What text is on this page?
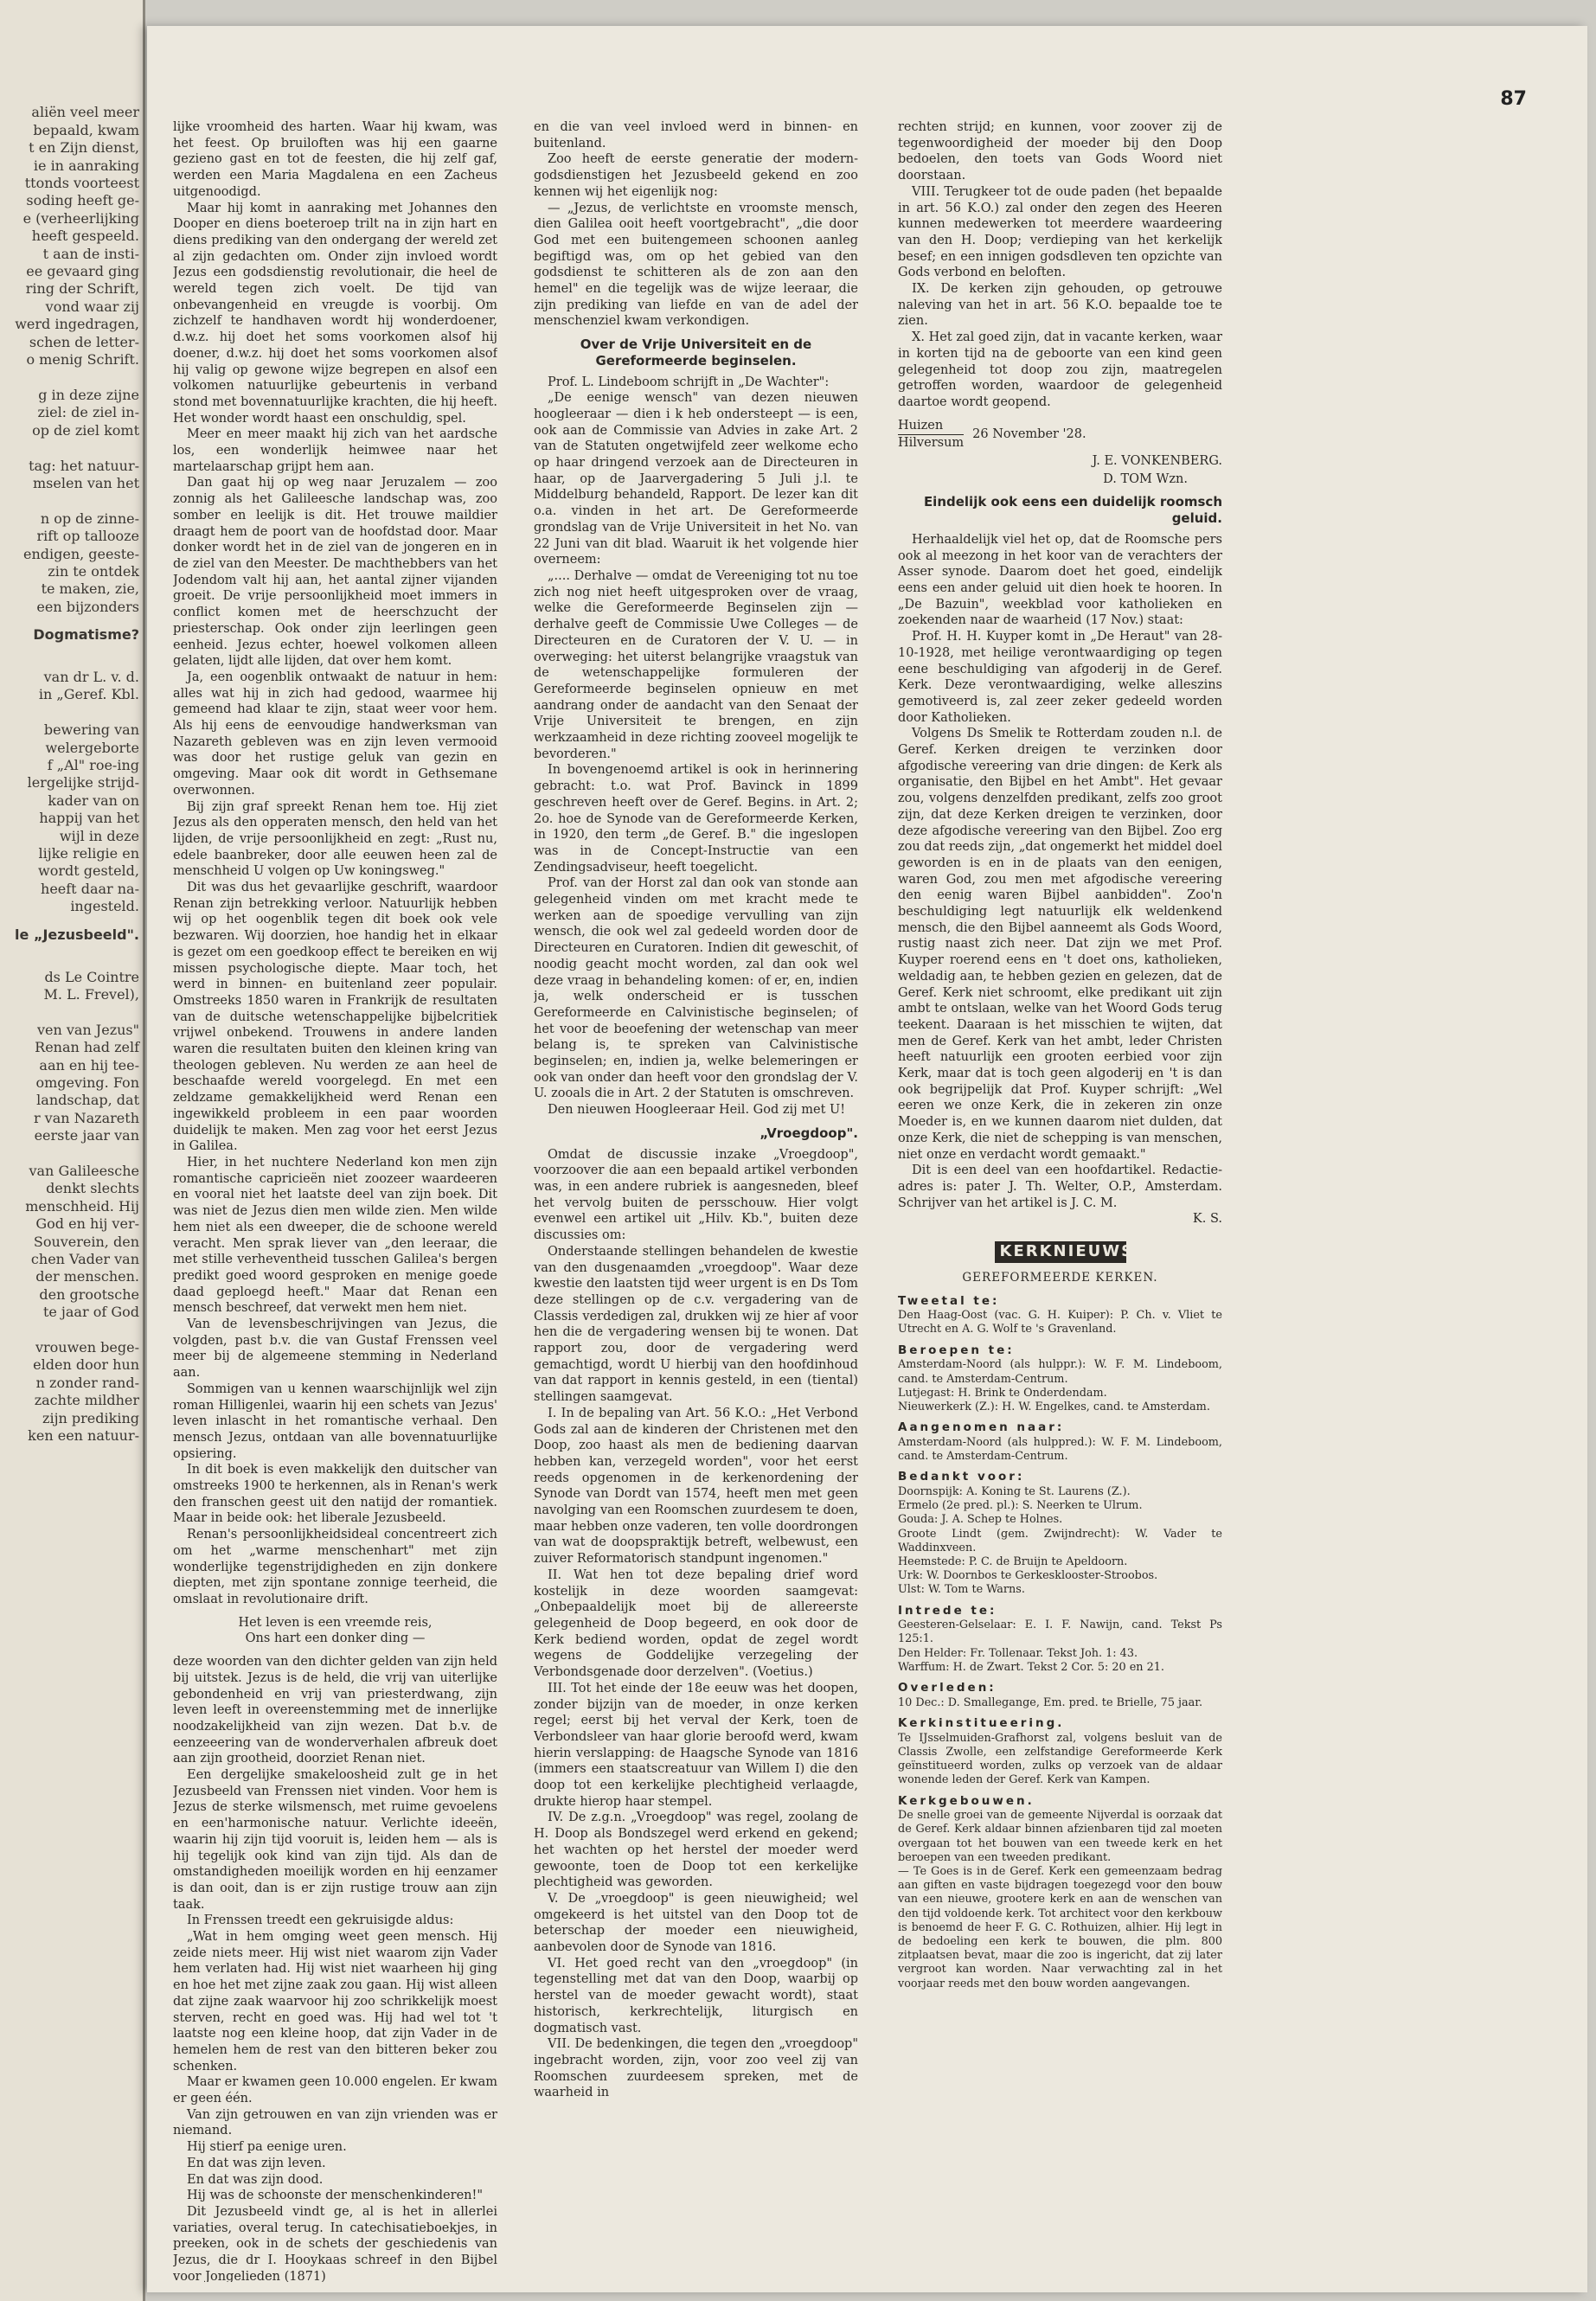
aliën veel meer
bepaald, kwam
t en Zijn dienst,
ie in aanraking
ttonds voorteest
soding heeft ge-
e (verheerlijking
heeft gespeeld.
t aan de insti-
ee gevaard ging
ring der Schrift,
vond waar zij
werd ingedragen,
schen de letter-
o menig Schrift.

g in deze zijne
ziel: de ziel in-
op de ziel komt

tag: het natuur-
mselen van het

n op de zinne-
rift op tallooze
endigen, geeste-
zin te ontdek
te maken, zie,
een bijzonders

Dogmatisme?

van dr L. v. d.
in „Geref. Kbl.

bewering van
welergeborte
f „Al" roe-ing
lergelijke strijd-
kader van on
happij van het
wijl in deze
lijke religie en
wordt gesteld,
heeft daar na-
ingesteld.

le „Jezusbeeld".

ds Le Cointre
M. L. Frevel),

ven van Jezus"
Renan had zelf
aan en hij tee-
omgeving. Fon
landschap, dat
r van Nazareth
eerste jaar van

van Galileesche
denkt slechts
menschheid. Hij
God en hij ver-
Souverein, den
chen Vader van
der menschen.
den grootsche
te jaar of God

vrouwen bege-
elden door hun
n zonder rand-
zachte mildher
zijn prediking
ken een natuur-

87

lijke vroomheid des harten. Waar hij kwam, was het feest. Op bruiloften was hij een gaarne gezieno gast en tot de feesten, die hij zelf gaf, werden een Maria Magdalena en een Zacheus uitgenoodigd.

Maar hij komt in aanraking met Johannes den Dooper en diens boeteroep trilt na in zijn hart en diens prediking van den ondergang der wereld zet al zijn gedachten om. Onder zijn invloed wordt Jezus een godsdienstig revolutionair, die heel de wereld tegen zich voelt. De tijd van onbevangenheid en vreugde is voorbij. Om zichzelf te handhaven wordt hij wonderdoener, d.w.z. hij doet het soms voorkomen alsof hij doener, d.w.z. hij doet het soms voorkomen alsof hij valig op gewone wijze begrepen en alsof een volkomen natuurlijke gebeurtenis in verband stond met bovennatuurlijke krachten, die hij heeft. Het wonder wordt haast een onschuldig, spel.

Meer en meer maakt hij zich van het aardsche los, een wonderlijk heimwee naar het martelaarschap grijpt hem aan.

Dan gaat hij op weg naar Jeruzalem — zoo zonnig als het Galileesche landschap was, zoo somber en leelijk is dit. Het trouwe maildier draagt hem de poort van de hoofdstad door. Maar donker wordt het in de ziel van de jongeren en in de ziel van den Meester. De machthebbers van het Jodendom valt hij aan, het aantal zijner vijanden groeit. De vrije persoonlijkheid moet immers in conflict komen met de heerschzucht der priesterschap. Ook onder zijn leerlingen geen eenheid. Jezus echter, hoewel volkomen alleen gelaten, lijdt alle lijden, dat over hem komt.

Ja, een oogenblik ontwaakt de natuur in hem: alles wat hij in zich had gedood, waarmee hij gemeend had klaar te zijn, staat weer voor hem. Als hij eens de eenvoudige handwerksman van Nazareth gebleven was en zijn leven vermooid was door het rustige geluk van gezin en omgeving. Maar ook dit wordt in Gethsemane overwonnen.

Bij zijn graf spreekt Renan hem toe. Hij ziet Jezus als den opperaten mensch, den held van het lijden, de vrije persoonlijkheid en zegt: „Rust nu, edele baanbreker, door alle eeuwen heen zal de menschheid U volgen op Uw koningsweg."

Dit was dus het gevaarlijke geschrift, waardoor Renan zijn betrekking verloor. Natuurlijk hebben wij op het oogenblik tegen dit boek ook vele bezwaren. Wij doorzien, hoe handig het in elkaar is gezet om een goedkoop effect te bereiken en wij missen psychologische diepte. Maar toch, het werd in binnen- en buitenland zeer populair. Omstreeks 1850 waren in Frankrijk de resultaten van de duitsche wetenschappelijke bijbelcritiek vrijwel onbekend. Trouwens in andere landen waren die resultaten buiten den kleinen kring van theologen gebleven. Nu werden ze aan heel de beschaafde wereld voorgelegd. En met een zeldzame gemakkelijkheid werd Renan een ingewikkeld probleem in een paar woorden duidelijk te maken. Men zag voor het eerst Jezus in Galilea.

Hier, in het nuchtere Nederland kon men zijn romantische capricieën niet zoozeer waardeeren en vooral niet het laatste deel van zijn boek. Dit was niet de Jezus dien men wilde zien. Men wilde hem niet als een dweeper, die de schoone wereld veracht. Men sprak liever van „den leeraar, die met stille verheventheid tusschen Galilea's bergen predikt goed woord gesproken en menige goede daad geploegd heeft." Maar dat Renan een mensch beschreef, dat verwekt men hem niet.

Van de levensbeschrijvingen van Jezus, die volgden, past b.v. die van Gustaf Frenssen veel meer bij de algemeene stemming in Nederland aan.

Sommigen van u kennen waarschijnlijk wel zijn roman Hilligenlei, waarin hij een schets van Jezus' leven inlascht in het romantische verhaal. Den mensch Jezus, ontdaan van alle bovennatuurlijke opsiering.

In dit boek is even makkelijk den duitscher van omstreeks 1900 te herkennen, als in Renan's werk den franschen geest uit den natijd der romantiek. Maar in beide ook: het liberale Jezusbeeld.

Renan's persoonlijkheidsideal concentreert zich om het „warme menschenhart" met zijn wonderlijke tegenstrijdigheden en zijn donkere diepten, met zijn spontane zonnige teerheid, die omslaat in revolutionaire drift.

Het leven is een vreemde reis,

Ons hart een donker ding —

deze woorden van den dichter gelden van zijn held bij uitstek. Jezus is de held, die vrij van uiterlijke gebondenheid en vrij van priesterdwang, zijn leven leeft in overeenstemming met de innerlijke noodzakelijkheid van zijn wezen. Dat b.v. de eenzeeering van de wonderverhalen afbreuk doet aan zijn grootheid, doorziet Renan niet.

Een dergelijke smakeloosheid zult ge in het Jezusbeeld van Frenssen niet vinden. Voor hem is Jezus de sterke wilsmensch, met ruime gevoelens en een'harmonische natuur. Verlichte ideeën, waarin hij zijn tijd vooruit is, leiden hem — als is hij tegelijk ook kind van zijn tijd. Als dan de omstandigheden moeilijk worden en hij eenzamer is dan ooit, dan is er zijn rustige trouw aan zijn taak.

In Frenssen treedt een gekruisigde aldus:

„Wat in hem omging weet geen mensch. Hij zeide niets meer. Hij wist niet waarom zijn Vader hem verlaten had. Hij wist niet waarheen hij ging en hoe het met zijne zaak zou gaan. Hij wist alleen dat zijne zaak waarvoor hij zoo schrikkelijk moest sterven, recht en goed was. Hij had wel tot 't laatste nog een kleine hoop, dat zijn Vader in de hemelen hem de rest van den bitteren beker zou schenken.

Maar er kwamen geen 10.000 engelen. Er kwam er geen één.

Van zijn getrouwen en van zijn vrienden was er niemand.

Hij stierf pa eenige uren.

En dat was zijn leven.

En dat was zijn dood.

Hij was de schoonste der menschenkinderen!"

Dit Jezusbeeld vindt ge, al is het in allerlei variaties, overal terug. In catechisatieboekjes, in preeken, ook in de schets der geschiedenis van Jezus, die dr I. Hooykaas schreef in den Bijbel voor Jongelieden (1871)

en die van veel invloed werd in binnen- en buitenland.

Zoo heeft de eerste generatie der modern-godsdienstigen het Jezusbeeld gekend en zoo kennen wij het eigenlijk nog:

— „Jezus, de verlichtste en vroomste mensch, dien Galilea ooit heeft voortgebracht", „die door God met een buitengemeen schoonen aanleg begiftigd was, om op het gebied van den godsdienst te schitteren als de zon aan den hemel" en die tegelijk was de wijze leeraar, die zijn prediking van liefde en van de adel der menschenziel kwam verkondigen.

Over de Vrije Universiteit en de Gereformeerde beginselen.

Prof. L. Lindeboom schrijft in „De Wachter":

„De eenige wensch" van dezen nieuwen hoogleeraar — dien i k heb ondersteept — is een, ook aan de Commissie van Advies in zake Art. 2 van de Statuten ongetwijfeld zeer welkome echo op haar dringend verzoek aan de Directeuren in haar, op de Jaarvergadering 5 Juli j.l. te Middelburg behandeld, Rapport. De lezer kan dit o.a. vinden in het art. De Gereformeerde grondslag van de Vrije Universiteit in het No. van 22 Juni van dit blad. Waaruit ik het volgende hier overneem:

„.... Derhalve — omdat de Vereeniging tot nu toe zich nog niet heeft uitgesproken over de vraag, welke die Gereformeerde Beginselen zijn — derhalve geeft de Commissie Uwe Colleges — de Directeuren en de Curatoren der V. U. — in overweging: het uiterst belangrijke vraagstuk van de wetenschappelijke formuleren der Gereformeerde beginselen opnieuw en met aandrang onder de aandacht van den Senaat der Vrije Universiteit te brengen, en zijn werkzaamheid in deze richting zooveel mogelijk te bevorderen."

In bovengenoemd artikel is ook in herinnering gebracht: t.o. wat Prof. Bavinck in 1899 geschreven heeft over de Geref. Begins. in Art. 2; 2o. hoe de Synode van de Gereformeerde Kerken, in 1920, den term „de Geref. B." die ingeslopen was in de Concept-Instructie van een Zendingsadviseur, heeft toegelicht.

Prof. van der Horst zal dan ook van stonde aan gelegenheid vinden om met kracht mede te werken aan de spoedige vervulling van zijn wensch, die ook wel zal gedeeld worden door de Directeuren en Curatoren. Indien dit geweschit, of noodig geacht mocht worden, zal dan ook wel deze vraag in behandeling komen: of er, en, indien ja, welk onderscheid er is tusschen Gereformeerde en Calvinistische beginselen; of het voor de beoefening der wetenschap van meer belang is, te spreken van Calvinistische beginselen; en, indien ja, welke belemeringen er ook van onder dan heeft voor den grondslag der V. U. zooals die in Art. 2 der Statuten is omschreven.

Den nieuwen Hoogleeraar Heil. God zij met U!

„Vroegdoop".

Omdat de discussie inzake „Vroegdoop", voorzoover die aan een bepaald artikel verbonden was, in een andere rubriek is aangesneden, bleef het vervolg buiten de persschouw. Hier volgt evenwel een artikel uit „Hilv. Kb.", buiten deze discussies om:

Onderstaande stellingen behandelen de kwestie van den dusgenaamden „vroegdoop". Waar deze kwestie den laatsten tijd weer urgent is en Ds Tom deze stellingen op de c.v. vergadering van de Classis verdedigen zal, drukken wij ze hier af voor hen die de vergadering wensen bij te wonen. Dat rapport zou, door de vergadering werd gemachtigd, wordt U hierbij van den hoofdinhoud van dat rapport in kennis gesteld, in een (tiental) stellingen saamgevat.

I. In de bepaling van Art. 56 K.O.: „Het Verbond Gods zal aan de kinderen der Christenen met den Doop, zoo haast als men de bediening daarvan hebben kan, verzegeld worden", voor het eerst reeds opgenomen in de kerkenordening der Synode van Dordt van 1574, heeft men met geen navolging van een Roomschen zuurdesem te doen, maar hebben onze vaderen, ten volle doordrongen van wat de doopspraktijk betreft, welbewust, een zuiver Reformatorisch standpunt ingenomen."

II. Wat hen tot deze bepaling drief word kostelijk in deze woorden saamgevat: „Onbepaaldelijk moet bij de allereerste gelegenheid de Doop begeerd, en ook door de Kerk bediend worden, opdat de zegel wordt wegens de Goddelijke verzegeling der Verbondsgenade door derzelven". (Voetius.)

III. Tot het einde der 18e eeuw was het doopen, zonder bijzijn van de moeder, in onze kerken regel; eerst bij het verval der Kerk, toen de Verbondsleer van haar glorie beroofd werd, kwam hierin verslapping: de Haagsche Synode van 1816 (immers een staatscreatuur van Willem I) die den doop tot een kerkelijke plechtigheid verlaagde, drukte hierop haar stempel.

IV. De z.g.n. „Vroegdoop" was regel, zoolang de H. Doop als Bondszegel werd erkend en gekend; het wachten op het herstel der moeder werd gewoonte, toen de Doop tot een kerkelijke plechtigheid was geworden.

V. De „vroegdoop" is geen nieuwigheid; wel omgekeerd is het uitstel van den Doop tot de beterschap der moeder een nieuwigheid, aanbevolen door de Synode van 1816.

VI. Het goed recht van den „vroegdoop" (in tegenstelling met dat van den Doop, waarbij op herstel van de moeder gewacht wordt), staat historisch, kerkrechtelijk, liturgisch en dogmatisch vast.

VII. De bedenkingen, die tegen den „vroegdoop" ingebracht worden, zijn, voor zoo veel zij van Roomschen zuurdeesem spreken, met de waarheid in

rechten strijd; en kunnen, voor zoover zij de tegenwoordigheid der moeder bij den Doop bedoelen, den toets van Gods Woord niet doorstaan.

VIII. Terugkeer tot de oude paden (het bepaalde in art. 56 K.O.) zal onder den zegen des Heeren kunnen medewerken tot meerdere waardeering van den H. Doop; verdieping van het kerkelijk besef; en een innigen godsdleven ten opzichte van Gods verbond en beloften.

IX. De kerken zijn gehouden, op getrouwe naleving van het in art. 56 K.O. bepaalde toe te zien.

X. Het zal goed zijn, dat in vacante kerken, waar in korten tijd na de geboorte van een kind geen gelegenheid tot doop zou zijn, maatregelen getroffen worden, waardoor de gelegenheid daartoe wordt geopend.

Huizen
Hilversum
26 November '28.

J. E. VONKENBERG.

D. TOM Wzn.

Eindelijk ook eens een duidelijk roomsch geluid.

Herhaaldelijk viel het op, dat de Roomsche pers ook al meezong in het koor van de verachters der Asser synode. Daarom doet het goed, eindelijk eens een ander geluid uit dien hoek te hooren. In „De Bazuin", weekblad voor katholieken en zoekenden naar de waarheid (17 Nov.) staat:

Prof. H. H. Kuyper komt in „De Heraut" van 28-10-1928, met heilige verontwaardiging op tegen eene beschuldiging van afgoderij in de Geref. Kerk. Deze verontwaardiging, welke alleszins gemotiveerd is, zal zeer zeker gedeeld worden door Katholieken.

Volgens Ds Smelik te Rotterdam zouden n.l. de Geref. Kerken dreigen te verzinken door afgodische vereering van drie dingen: de Kerk als organisatie, den Bijbel en het Ambt". Het gevaar zou, volgens denzelfden predikant, zelfs zoo groot zijn, dat deze Kerken dreigen te verzinken, door deze afgodische vereering van den Bijbel. Zoo erg zou dat reeds zijn, „dat ongemerkt het middel doel geworden is en in de plaats van den eenigen, waren God, zou men met afgodische vereering den eenig waren Bijbel aanbidden". Zoo'n beschuldiging legt natuurlijk elk weldenkend mensch, die den Bijbel aanneemt als Gods Woord, rustig naast zich neer. Dat zijn we met Prof. Kuyper roerend eens en 't doet ons, katholieken, weldadig aan, te hebben gezien en gelezen, dat de Geref. Kerk niet schroomt, elke predikant uit zijn ambt te ontslaan, welke van het Woord Gods terug teekent. Daaraan is het misschien te wijten, dat men de Geref. Kerk van het ambt, leder Christen heeft natuurlijk een grooten eerbied voor zijn Kerk, maar dat is toch geen algoderij en 't is dan ook begrijpelijk dat Prof. Kuyper schrijft: „Wel eeren we onze Kerk, die in zekeren zin onze Moeder is, en we kunnen daarom niet dulden, dat onze Kerk, die niet de schepping is van menschen, niet onze en verdacht wordt gemaakt."

Dit is een deel van een hoofdartikel. Redactie-adres is: pater J. Th. Welter, O.P., Amsterdam. Schrijver van het artikel is J. C. M.

K. S.

KERKNIEUWS.

GEREFORMEERDE KERKEN.

Tweetal te:

Den Haag-Oost (vac. G. H. Kuiper): P. Ch. v. Vliet te Utrecht en A. G. Wolf te 's Gravenland.

Beroepen te:

Amsterdam-Noord (als hulppr.): W. F. M. Lindeboom, cand. te Amsterdam-Centrum.
Lutjegast: H. Brink te Onderdendam.
Nieuwerkerk (Z.): H. W. Engelkes, cand. te Amsterdam.

Aangenomen naar:

Amsterdam-Noord (als hulppred.): W. F. M. Lindeboom, cand. te Amsterdam-Centrum.

Bedankt voor:

Doornspijk: A. Koning te St. Laurens (Z.).
Ermelo (2e pred. pl.): S. Neerken te Ulrum.
Gouda: J. A. Schep te Holnes.
Groote Lindt (gem. Zwijndrecht): W. Vader te Waddinxveen.
Heemstede: P. C. de Bruijn te Apeldoorn.
Urk: W. Doornbos te Gerkesklooster-Stroobos.
Ulst: W. Tom te Warns.

Intrede te:

Geesteren-Gelselaar: E. I. F. Nawijn, cand. Tekst Ps 125:1.
Den Helder: Fr. Tollenaar. Tekst Joh. 1: 43.
Warffum: H. de Zwart. Tekst 2 Cor. 5: 20 en 21.

Overleden:

10 Dec.: D. Smallegange, Em. pred. te Brielle, 75 jaar.

Kerkinstitueering.

Te IJsselmuiden-Grafhorst zal, volgens besluit van de Classis Zwolle, een zelfstandige Gereformeerde Kerk geïnstitueerd worden, zulks op verzoek van de aldaar wonende leden der Geref. Kerk van Kampen.

Kerkgebouwen.

De snelle groei van de gemeente Nijverdal is oorzaak dat de Geref. Kerk aldaar binnen afzienbaren tijd zal moeten overgaan tot het bouwen van een tweede kerk en het beroepen van een tweeden predikant.
— Te Goes is in de Geref. Kerk een gemeenzaam bedrag aan giften en vaste bijdragen toegezegd voor den bouw van een nieuwe, grootere kerk en aan de wenschen van den tijd voldoende kerk. Tot architect voor den kerkbouw is benoemd de heer F. G. C. Rothuizen, alhier. Hij legt in de bedoeling een kerk te bouwen, die plm. 800 zitplaatsen bevat, maar die zoo is ingericht, dat zij later vergroot kan worden. Naar verwachting zal in het voorjaar reeds met den bouw worden aangevangen.
